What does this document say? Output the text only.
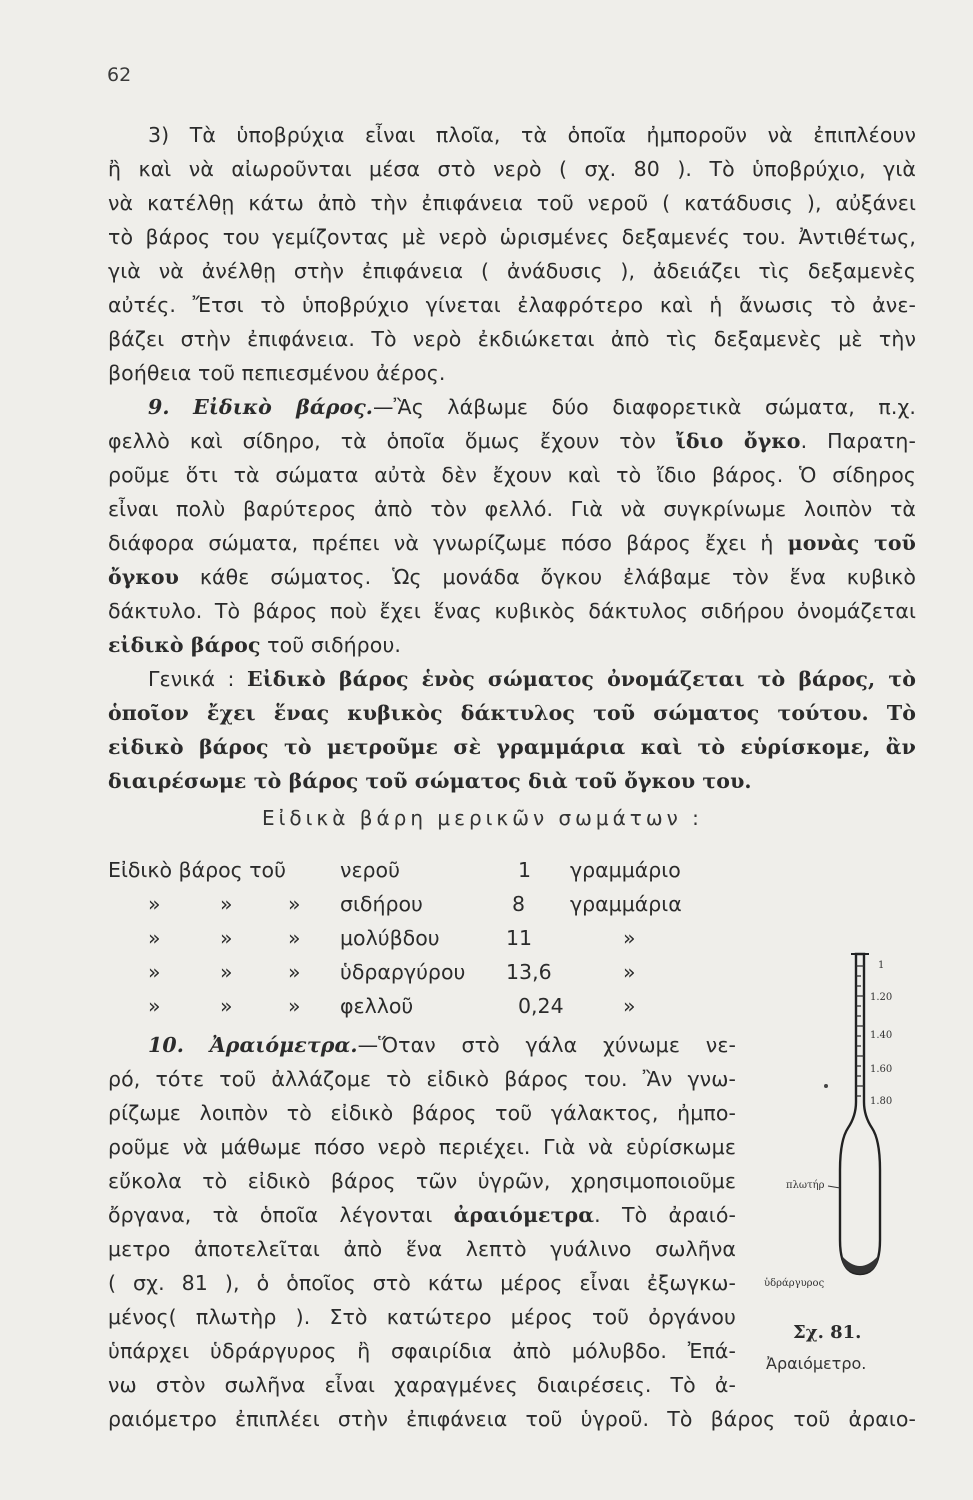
62
3) Τὰ ὑποβρύχια εἶναι πλοῖα, τὰ ὁποῖα ἠμποροῦν νὰ ἐπιπλέουν
ἢ καὶ νὰ αἰωροῦνται μέσα στὸ νερὸ ( σχ. 80 ). Τὸ ὑποβρύχιο, γιὰ
νὰ κατέλθῃ κάτω ἀπὸ τὴν ἐπιφάνεια τοῦ νεροῦ ( κατάδυσις ), αὐξάνει
τὸ βάρος του γεμίζοντας μὲ νερὸ ὡρισμένες δεξαμενές του. Ἀντιθέτως,
γιὰ νὰ ἀνέλθῃ στὴν ἐπιφάνεια ( ἀνάδυσις ), ἀδειάζει τὶς δεξαμενὲς
αὐτές. Ἔτσι τὸ ὑποβρύχιο γίνεται ἐλαφρότερο καὶ ἡ ἄνωσις τὸ ἀνε-
βάζει στὴν ἐπιφάνεια. Τὸ νερὸ ἐκδιώκεται ἀπὸ τὶς δεξαμενὲς μὲ τὴν
βοήθεια τοῦ πεπιεσμένου ἀέρος.
9. Εἰδικὸ βάρος.—Ἂς λάβωμε δύο διαφορετικὰ σώματα, π.χ.
φελλὸ καὶ σίδηρο, τὰ ὁποῖα ὅμως ἔχουν τὸν ἴδιο ὄγκο. Παρατη-
ροῦμε ὅτι τὰ σώματα αὐτὰ δὲν ἔχουν καὶ τὸ ἴδιο βάρος. Ὁ σίδηρος
εἶναι πολὺ βαρύτερος ἀπὸ τὸν φελλό. Γιὰ νὰ συγκρίνωμε λοιπὸν τὰ
διάφορα σώματα, πρέπει νὰ γνωρίζωμε πόσο βάρος ἔχει ἡ μονὰς τοῦ
ὄγκου κάθε σώματος. Ὡς μονάδα ὄγκου ἐλάβαμε τὸν ἕνα κυβικὸ
δάκτυλο. Τὸ βάρος ποὺ ἔχει ἕνας κυβικὸς δάκτυλος σιδήρου ὀνομάζεται
εἰδικὸ βάρος τοῦ σιδήρου.
Γενικά : Εἰδικὸ βάρος ἑνὸς σώματος ὀνομάζεται τὸ βάρος, τὸ
ὁποῖον ἔχει ἕνας κυβικὸς δάκτυλος τοῦ σώματος τούτου. Τὸ
εἰδικὸ βάρος τὸ μετροῦμε σὲ γραμμάρια καὶ τὸ εὑρίσκομε, ἂν
διαιρέσωμε τὸ βάρος τοῦ σώματος διὰ τοῦ ὄγκου του.
Εἰδικὰ βάρη μερικῶν σωμάτων :
Εἰδικὸ βάρος τοῦ	νεροῦ	1 γραμμάριο
»	»	» σιδήρου	8 γραμμάρια
»	»	» μολύβδου	11	»
»	»	» ὑδραργύρου 13,6	»
»	»	» φελλοῦ	0,24	»
10. Ἀραιόμετρα.—Ὅταν στὸ γάλα χύνωμε νε-
ρό, τότε τοῦ ἀλλάζομε τὸ εἰδικὸ βάρος του. Ἂν γνω-
ρίζωμε λοιπὸν τὸ εἰδικὸ βάρος τοῦ γάλακτος, ἠμπο-
ροῦμε νὰ μάθωμε πόσο νερὸ περιέχει. Γιὰ νὰ εὑρίσκωμε
εὔκολα τὸ εἰδικὸ βάρος τῶν ὑγρῶν, χρησιμοποιοῦμε
ὄργανα, τὰ ὁποῖα λέγονται ἀραιόμετρα. Τὸ ἀραιό-
μετρο ἀποτελεῖται ἀπὸ ἕνα λεπτὸ γυάλινο σωλῆνα
( σχ. 81 ), ὁ ὁποῖος στὸ κάτω μέρος εἶναι ἐξωγκω-
μένος( πλωτὴρ ). Στὸ κατώτερο μέρος τοῦ ὀργάνου
ὑπάρχει ὑδράργυρος ἢ σφαιρίδια ἀπὸ μόλυβδο. Ἐπά-
νω στὸν σωλῆνα εἶναι χαραγμένες διαιρέσεις. Τὸ ἀ-
ραιόμετρο ἐπιπλέει στὴν ἐπιφάνεια τοῦ ὑγροῦ. Τὸ βάρος τοῦ ἀραιο-
1
1.20
1.40
1.60
1.80
πλωτήρ
ὑδράργυρος
Σχ. 81.
Ἀραιόμετρο.
